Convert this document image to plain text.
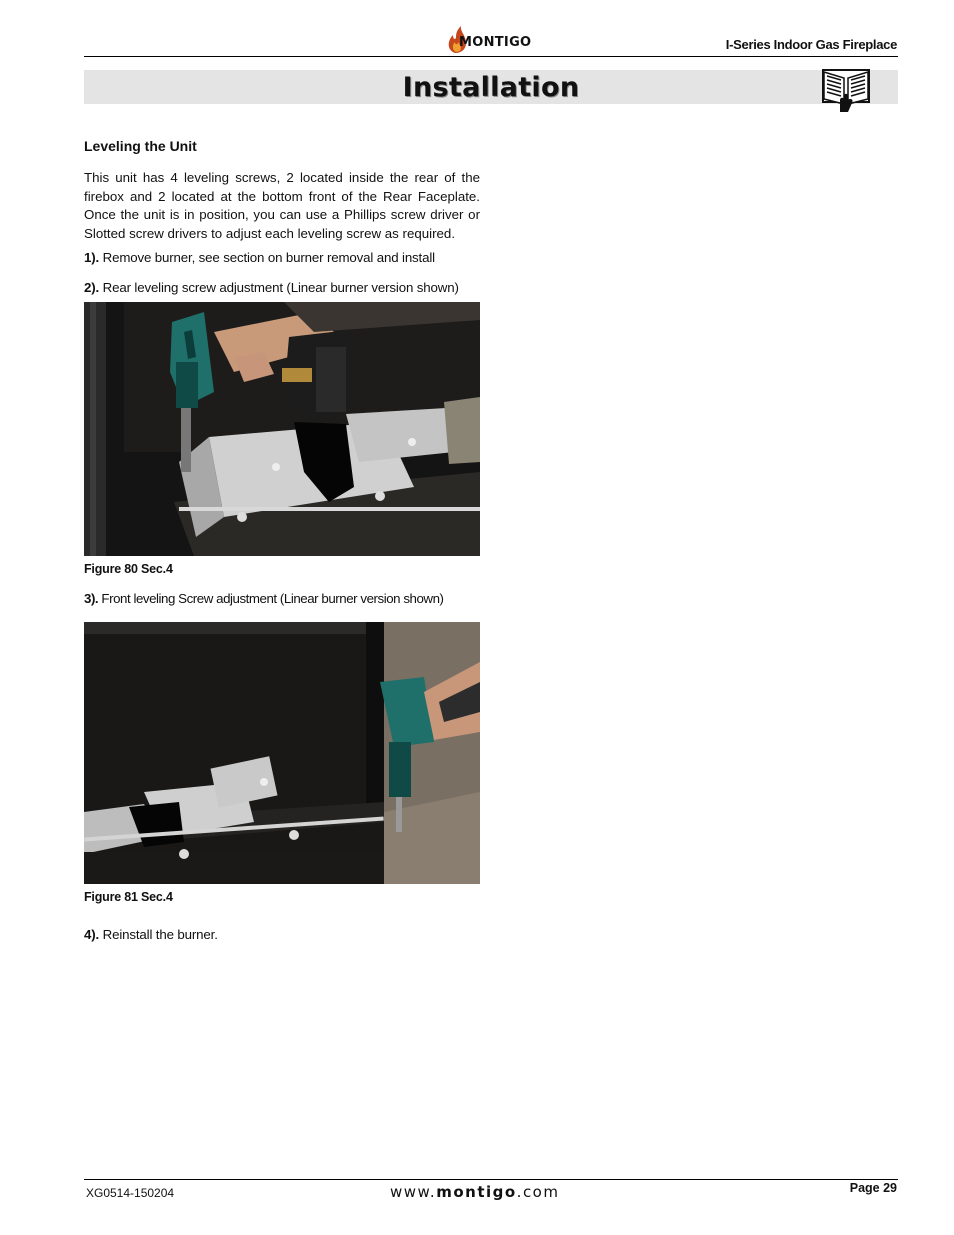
MONTIGO	I-Series Indoor Gas Fireplace
Installation
Leveling the Unit

This unit has 4 leveling screws, 2 located inside the rear of the firebox and 2 located at the bottom front of the Rear Faceplate. Once the unit is in position, you can use a Phillips screw driver or Slotted screw drivers to adjust each leveling screw as required.

1). Remove burner, see section on burner removal and install

2). Rear leveling screw adjustment (Linear burner version shown)

Figure 80 Sec.4

3). Front leveling Screw adjustment (Linear burner version shown)

Figure 81 Sec.4

4). Reinstall the burner.

XG0514-150204	www.montigo.com	Page 29
